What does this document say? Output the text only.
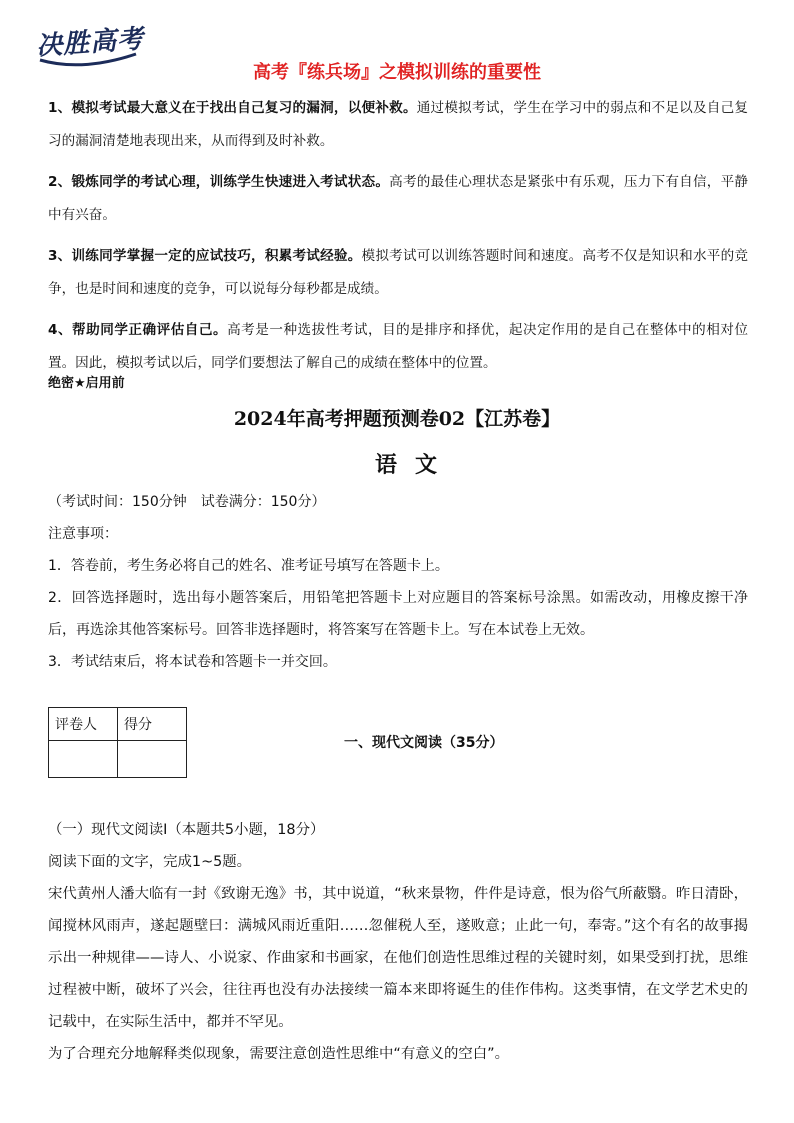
决胜高考
高考『练兵场』之模拟训练的重要性

1、模拟考试最大意义在于找出自己复习的漏洞，以便补救。通过模拟考试，学生在学习中的弱点和不足以及自己复习的漏洞清楚地表现出来，从而得到及时补救。

2、锻炼同学的考试心理，训练学生快速进入考试状态。高考的最佳心理状态是紧张中有乐观，压力下有自信，平静中有兴奋。

3、训练同学掌握一定的应试技巧，积累考试经验。模拟考试可以训练答题时间和速度。高考不仅是知识和水平的竞争，也是时间和速度的竞争，可以说每分每秒都是成绩。

4、帮助同学正确评估自己。高考是一种选拔性考试，目的是排序和择优，起决定作用的是自己在整体中的相对位置。因此，模拟考试以后，同学们要想法了解自己的成绩在整体中的位置。

绝密★启用前
2024年高考押题预测卷02【江苏卷】
语文

（考试时间：150分钟　试卷满分：150分）

注意事项：

1．答卷前，考生务必将自己的姓名、准考证号填写在答题卡上。

2．回答选择题时，选出每小题答案后，用铅笔把答题卡上对应题目的答案标号涂黑。如需改动，用橡皮擦干净后，再选涂其他答案标号。回答非选择题时，将答案写在答题卡上。写在本试卷上无效。

3．考试结束后，将本试卷和答题卡一并交回。

评卷人	得分

一、现代文阅读（35分）

（一）现代文阅读Ⅰ（本题共5小题，18分）

阅读下面的文字，完成1~5题。

宋代黄州人潘大临有一封《致谢无逸》书，其中说道，“秋来景物，件件是诗意，恨为俗气所蔽翳。昨日清卧，闻搅林风雨声，遂起题壁曰：满城风雨近重阳……忽催税人至，遂败意；止此一句，奉寄。”这个有名的故事揭示出一种规律——诗人、小说家、作曲家和书画家，在他们创造性思维过程的关键时刻，如果受到打扰，思维过程被中断，破坏了兴会，往往再也没有办法接续一篇本来即将诞生的佳作伟构。这类事情，在文学艺术史的记载中，在实际生活中，都并不罕见。

为了合理充分地解释类似现象，需要注意创造性思维中“有意义的空白”。
